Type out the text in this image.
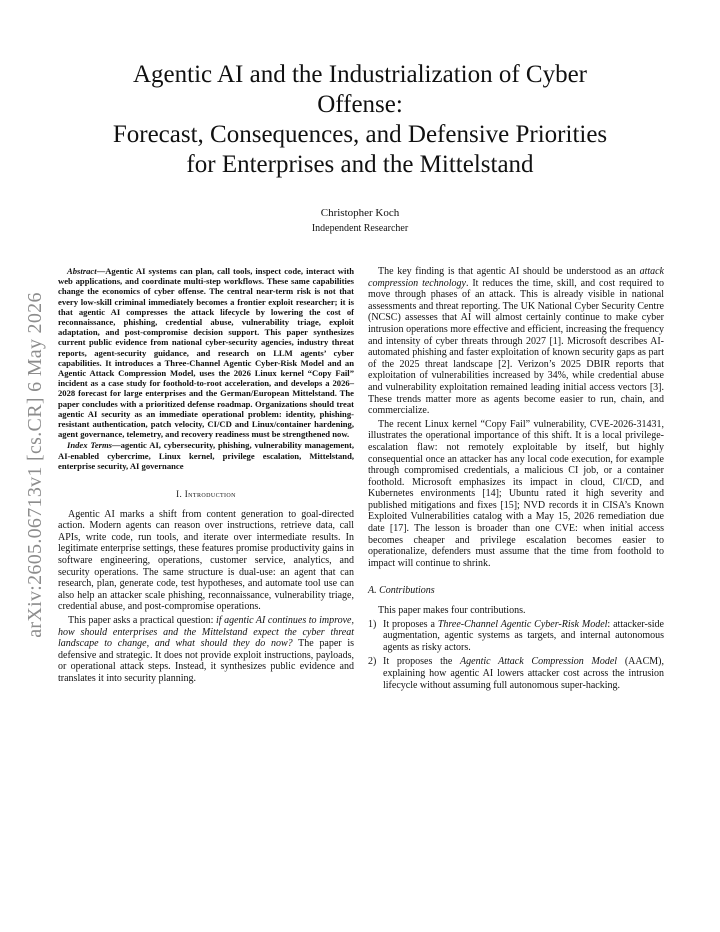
Agentic AI and the Industrialization of Cyber
Offense:
Forecast, Consequences, and Defensive Priorities
for Enterprises and the Mittelstand
Christopher Koch
Independent Researcher
arXiv:2605.06713v1 [cs.CR] 6 May 2026

Abstract—Agentic AI systems can plan, call tools, inspect code, interact with web applications, and coordinate multi-step workflows. These same capabilities change the economics of cyber offense. The central near-term risk is not that every low-skill criminal immediately becomes a frontier exploit researcher; it is that agentic AI compresses the attack lifecycle by lowering the cost of reconnaissance, phishing, credential abuse, vulnerability triage, exploit adaptation, and post-compromise decision support. This paper synthesizes current public evidence from national cyber-security agencies, industry threat reports, agent-security guidance, and research on LLM agents’ cyber capabilities. It introduces a Three-Channel Agentic Cyber-Risk Model and an Agentic Attack Compression Model, uses the 2026 Linux kernel “Copy Fail” incident as a case study for foothold-to-root acceleration, and develops a 2026–2028 forecast for large enterprises and the German/European Mittelstand. The paper concludes with a prioritized defense roadmap. Organizations should treat agentic AI security as an immediate operational problem: identity, phishing-resistant authentication, patch velocity, CI/CD and Linux/container hardening, agent governance, telemetry, and recovery readiness must be strengthened now.

Index Terms—agentic AI, cybersecurity, phishing, vulnerability management, AI-enabled cybercrime, Linux kernel, privilege escalation, Mittelstand, enterprise security, AI governance

I. Introduction

Agentic AI marks a shift from content generation to goal-directed action. Modern agents can reason over instructions, retrieve data, call APIs, write code, run tools, and iterate over intermediate results. In legitimate enterprise settings, these features promise productivity gains in software engineering, operations, customer service, analytics, and security operations. The same structure is dual-use: an agent that can research, plan, generate code, test hypotheses, and automate tool use can also help an attacker scale phishing, reconnaissance, vulnerability triage, credential abuse, and post-compromise operations.

This paper asks a practical question: if agentic AI continues to improve, how should enterprises and the Mittelstand expect the cyber threat landscape to change, and what should they do now? The paper is defensive and strategic. It does not provide exploit instructions, payloads, or operational attack steps. Instead, it synthesizes public evidence and translates it into security planning.

The key finding is that agentic AI should be understood as an attack compression technology. It reduces the time, skill, and cost required to move through phases of an attack. This is already visible in national assessments and threat reporting. The UK National Cyber Security Centre (NCSC) assesses that AI will almost certainly continue to make cyber intrusion operations more effective and efficient, increasing the frequency and intensity of cyber threats through 2027 [1]. Microsoft describes AI-automated phishing and faster exploitation of known security gaps as part of the 2025 threat landscape [2]. Verizon’s 2025 DBIR reports that exploitation of vulnerabilities increased by 34%, while credential abuse and vulnerability exploitation remained leading initial access vectors [3]. These trends matter more as agents become easier to run, chain, and commercialize.

The recent Linux kernel “Copy Fail” vulnerability, CVE-2026-31431, illustrates the operational importance of this shift. It is a local privilege-escalation flaw: not remotely exploitable by itself, but highly consequential once an attacker has any local code execution, for example through compromised credentials, a malicious CI job, or a container foothold. Microsoft emphasizes its impact in cloud, CI/CD, and Kubernetes environments [14]; Ubuntu rated it high severity and published mitigations and fixes [15]; NVD records it in CISA’s Known Exploited Vulnerabilities catalog with a May 15, 2026 remediation due date [17]. The lesson is broader than one CVE: when initial access becomes cheaper and privilege escalation becomes easier to operationalize, defenders must assume that the time from foothold to impact will continue to shrink.

A. Contributions

This paper makes four contributions.

1) It proposes a Three-Channel Agentic Cyber-Risk Model: attacker-side augmentation, agentic systems as targets, and internal autonomous agents as risky actors.
2) It proposes the Agentic Attack Compression Model (AACM), explaining how agentic AI lowers attacker cost across the intrusion lifecycle without assuming full autonomous super-hacking.
